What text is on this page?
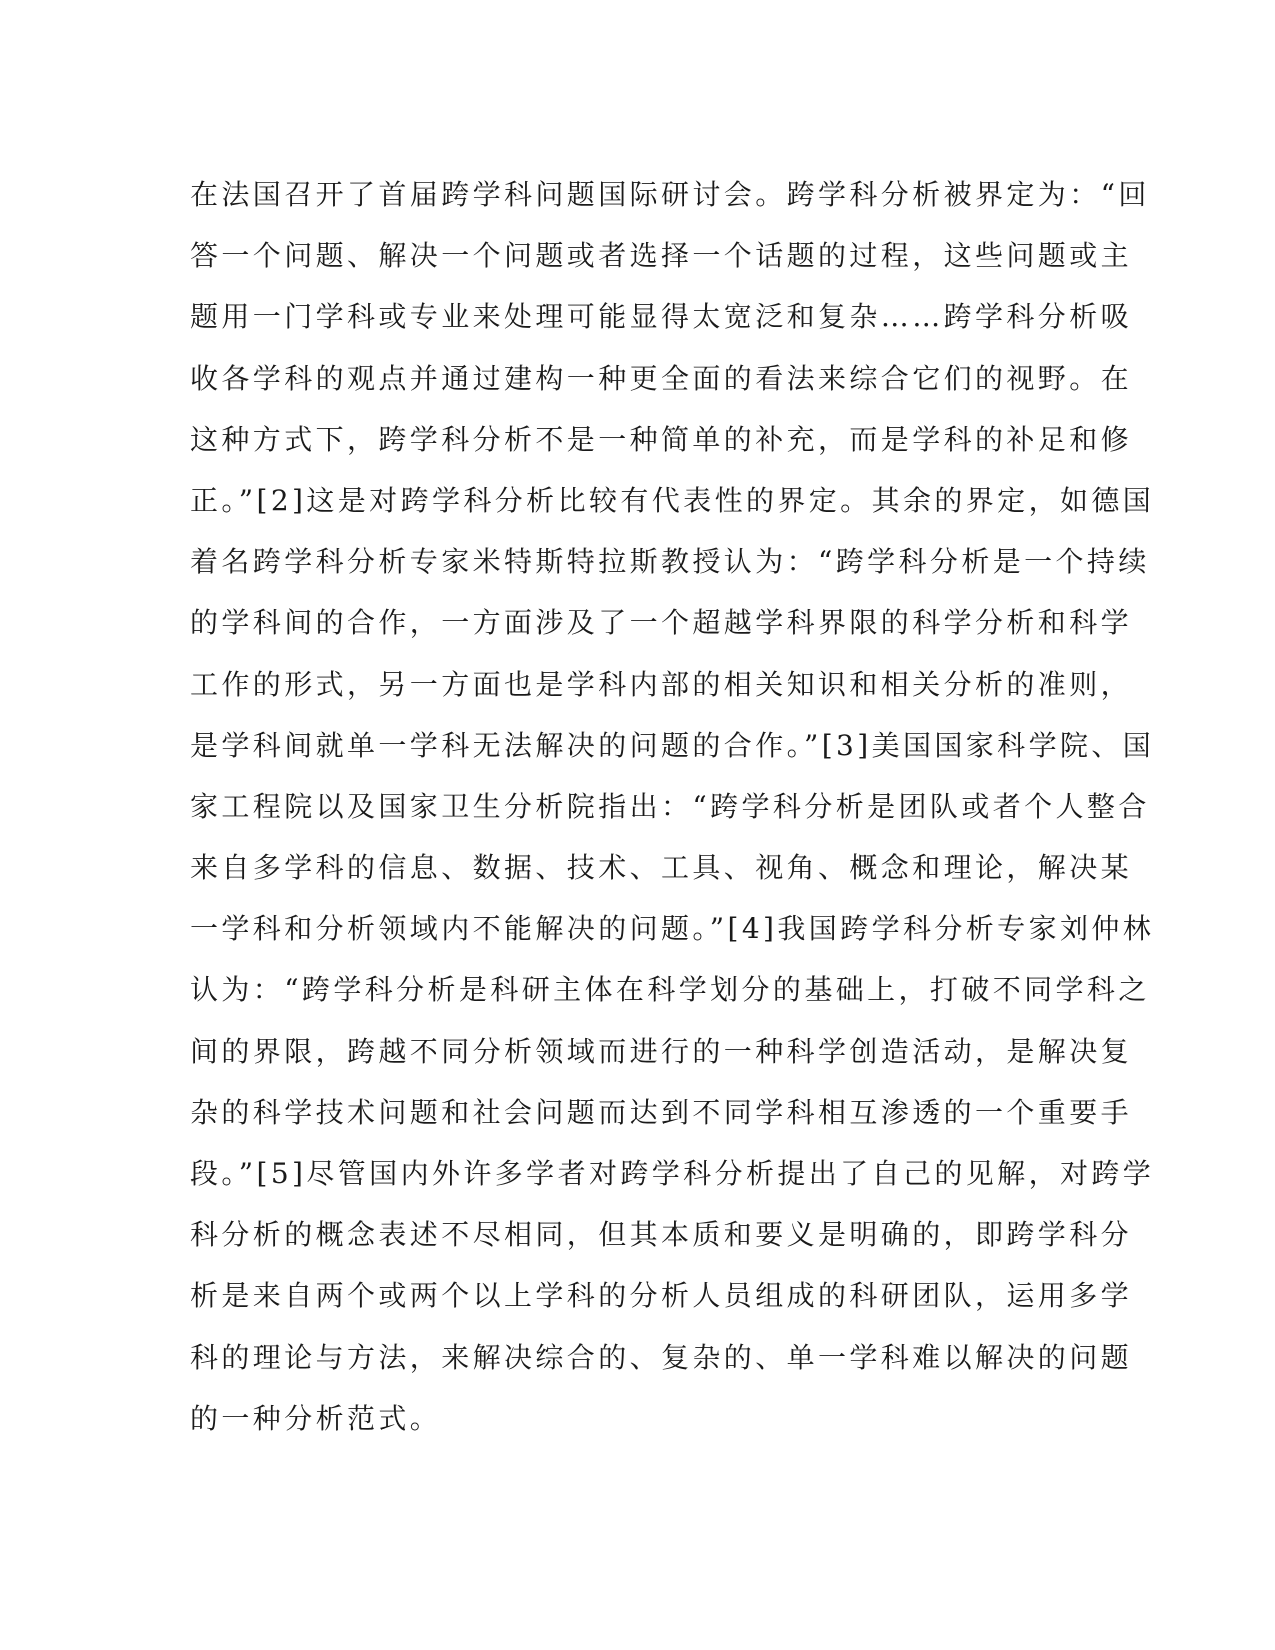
在法国召开了首届跨学科问题国际研讨会。跨学科分析被界定为：“回
答一个问题、解决一个问题或者选择一个话题的过程，这些问题或主
题用一门学科或专业来处理可能显得太宽泛和复杂……跨学科分析吸
收各学科的观点并通过建构一种更全面的看法来综合它们的视野。在
这种方式下，跨学科分析不是一种简单的补充，而是学科的补足和修
正。”[2]这是对跨学科分析比较有代表性的界定。其余的界定，如德国
着名跨学科分析专家米特斯特拉斯教授认为：“跨学科分析是一个持续
的学科间的合作，一方面涉及了一个超越学科界限的科学分析和科学
工作的形式，另一方面也是学科内部的相关知识和相关分析的准则，
是学科间就单一学科无法解决的问题的合作。”[3]美国国家科学院、国
家工程院以及国家卫生分析院指出：“跨学科分析是团队或者个人整合
来自多学科的信息、数据、技术、工具、视角、概念和理论，解决某
一学科和分析领域内不能解决的问题。”[4]我国跨学科分析专家刘仲林
认为：“跨学科分析是科研主体在科学划分的基础上，打破不同学科之
间的界限，跨越不同分析领域而进行的一种科学创造活动，是解决复
杂的科学技术问题和社会问题而达到不同学科相互渗透的一个重要手
段。”[5]尽管国内外许多学者对跨学科分析提出了自己的见解，对跨学
科分析的概念表述不尽相同，但其本质和要义是明确的，即跨学科分
析是来自两个或两个以上学科的分析人员组成的科研团队，运用多学
科的理论与方法，来解决综合的、复杂的、单一学科难以解决的问题
的一种分析范式。
